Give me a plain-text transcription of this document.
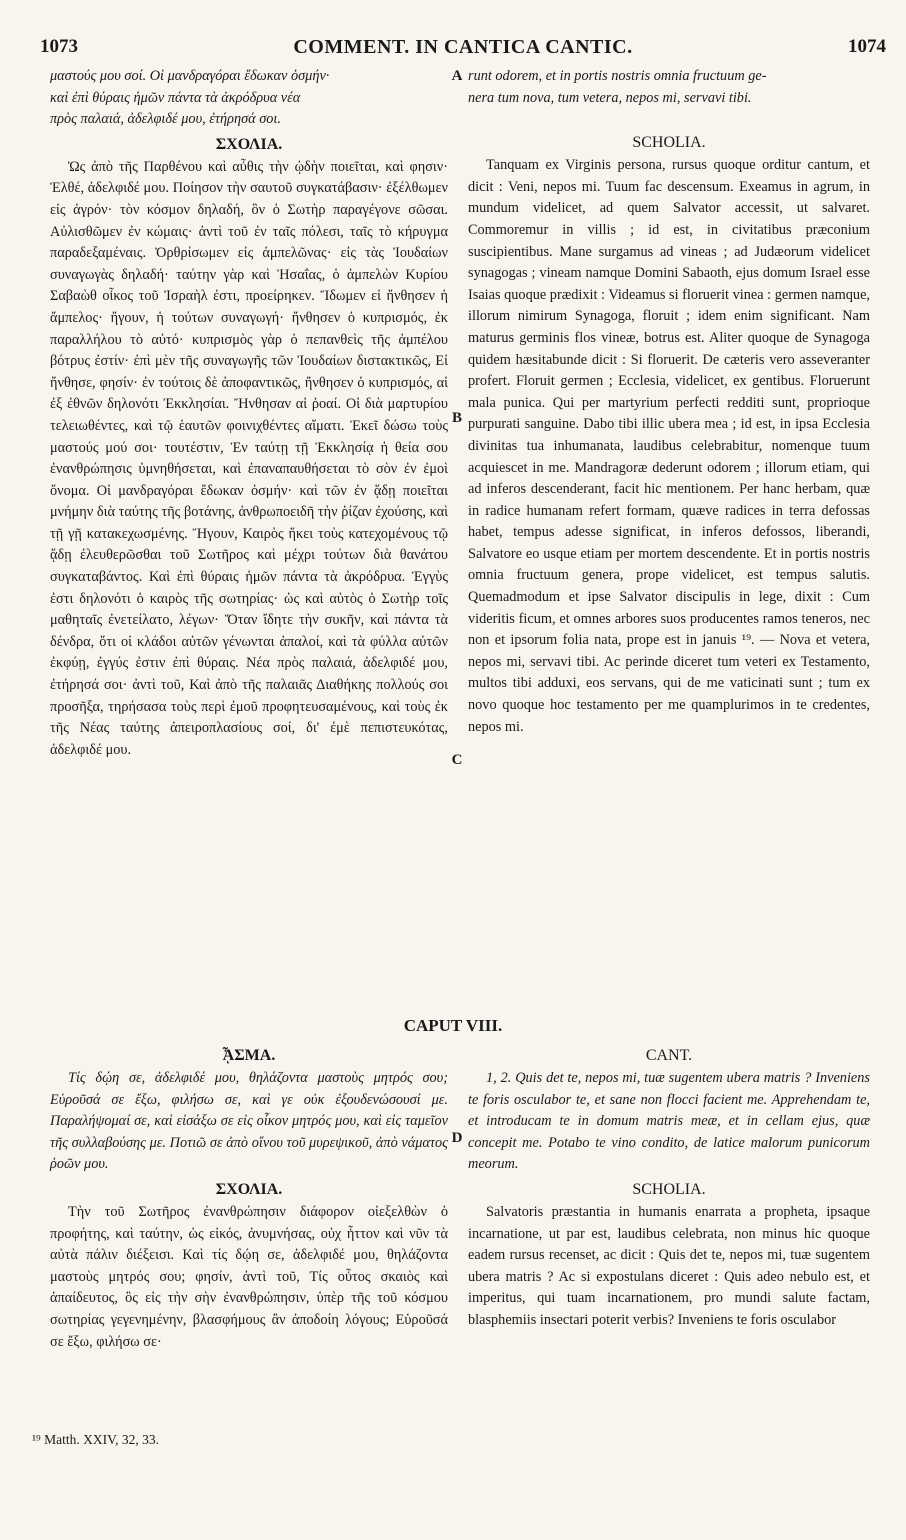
1073	COMMENT. IN CANTICA CANTIC.	1074

μαστούς μου σοί. Οἱ μανδραγόραι ἔδωκαν ὀσμήν·

καὶ ἐπὶ θύραις ἡμῶν πάντα τὰ ἀκρόδρυα νέα

πρὸς παλαιά, ἀδελφιδέ μου, ἐτήρησά σοι.

ΣΧΟΛΙΑ.

Ὡς ἀπὸ τῆς Παρθένου καὶ αὖθις τὴν ᾠδὴν ποιεῖται, καὶ φησιν· Ἐλθέ, ἀδελφιδέ μου. Ποίησον τὴν σαυτοῦ συγκατάβασιν· ἐξέλθωμεν εἰς ἀγρόν· τὸν κόσμον δηλαδή, ὃν ὁ Σωτὴρ παραγέγονε σῶσαι. Αὐλισθῶμεν ἐν κώμαις· ἀντὶ τοῦ ἐν ταῖς πόλεσι, ταῖς τὸ κήρυγμα παραδεξαμέναις. Ὀρθρίσωμεν εἰς ἀμπελῶνας· εἰς τὰς Ἰουδαίων συναγωγὰς δηλαδή· ταύτην γὰρ καὶ Ἡσαΐας, ὁ ἀμπελὼν Κυρίου Σαβαὼθ οἶκος τοῦ Ἰσραὴλ ἐστι, προείρηκεν. Ἴδωμεν εἰ ἤνθησεν ἡ ἄμπελος· ἤγουν, ἡ τούτων συναγωγή· ἤνθησεν ὁ κυπρισμός, ἐκ παραλλήλου τὸ αὐτό· κυπρισμὸς γὰρ ὁ πεπανθεὶς τῆς ἀμπέλου βότρυς ἐστίν· ἐπὶ μὲν τῆς συναγωγῆς τῶν Ἰουδαίων διστακτικῶς, Εἰ ἤνθησε, φησίν· ἐν τούτοις δὲ ἀποφαντικῶς, ἤνθησεν ὁ κυπρισμός, αἱ ἐξ ἐθνῶν δηλονότι Ἐκκλησίαι. Ἤνθησαν αἱ ῥοαί. Οἱ διὰ μαρτυρίου τελειωθέντες, καὶ τῷ ἑαυτῶν φοινιχθέντες αἵματι. Ἐκεῖ δώσω τοὺς μαστούς μού σοι· τουτέστιν, Ἐν ταύτῃ τῇ Ἐκκλησίᾳ ἡ θεία σου ἐνανθρώπησις ὑμνηθήσεται, καὶ ἐπαναπαυθήσεται τὸ σὸν ἐν ἐμοὶ ὄνομα. Οἱ μανδραγόραι ἔδωκαν ὀσμήν· καὶ τῶν ἐν ᾅδῃ ποιεῖται μνήμην διὰ ταύτης τῆς βοτάνης, ἀνθρωποειδῆ τὴν ῥίζαν ἐχούσης, καὶ τῇ γῇ κατακεχωσμένης. Ἤγουν, Καιρὸς ἥκει τοὺς κατεχομένους τῷ ᾅδῃ ἐλευθερῶσθαι τοῦ Σωτῆρος καὶ μέχρι τούτων διὰ θανάτου συγκαταβάντος. Καὶ ἐπὶ θύραις ἡμῶν πάντα τὰ ἀκρόδρυα. Ἐγγὺς ἐστι δηλονότι ὁ καιρὸς τῆς σωτηρίας· ὡς καὶ αὐτὸς ὁ Σωτὴρ τοῖς μαθηταῖς ἐνετείλατο, λέγων· Ὅταν ἴδητε τὴν συκῆν, καὶ πάντα τὰ δένδρα, ὅτι οἱ κλάδοι αὐτῶν γένωνται ἀπαλοί, καὶ τὰ φύλλα αὐτῶν ἐκφύῃ, ἐγγύς ἐστιν ἐπὶ θύραις. Νέα πρὸς παλαιά, ἀδελφιδέ μου, ἐτήρησά σοι· ἀντὶ τοῦ, Καὶ ἀπὸ τῆς παλαιᾶς Διαθήκης πολλούς σοι προσῆξα, τηρήσασα τοὺς περὶ ἐμοῦ προφητευσαμένους, καὶ τοὺς ἐκ τῆς Νέας ταύτης ἀπειροπλασίους σοί, δι' ἐμὲ πεπιστευκότας, ἀδελφιδέ μου.

runt odorem, et in portis nostris omnia fructuum ge-

nera tum nova, tum vetera, nepos mi, servavi tibi.

SCHOLIA.

Tanquam ex Virginis persona, rursus quoque orditur cantum, et dicit : Veni, nepos mi. Tuum fac descensum. Exeamus in agrum, in mundum videlicet, ad quem Salvator accessit, ut salvaret. Commoremur in villis ; id est, in civitatibus præconium suscipientibus. Mane surgamus ad vineas ; ad Judæorum videlicet synagogas ; vineam namque Domini Sabaoth, ejus domum Israel esse Isaias quoque prædixit : Videamus si floruerit vinea : germen namque, illorum nimirum Synagoga, floruit ; idem enim significant. Nam maturus germinis flos vineæ, botrus est. Aliter quoque de Synagoga quidem hæsitabunde dicit : Si floruerit. De cæteris vero asseveranter profert. Floruit germen ; Ecclesia, videlicet, ex gentibus. Floruerunt mala punica. Qui per martyrium perfecti redditi sunt, proprioque purpurati sanguine. Dabo tibi illic ubera mea ; id est, in ipsa Ecclesia divinitas tua inhumanata, laudibus celebrabitur, nomenque tuum acquiescet in me. Mandragoræ dederunt odorem ; illorum etiam, qui ad inferos descenderant, facit hic mentionem. Per hanc herbam, quæ in radice humanam refert formam, quæve radices in terra defossas habet, tempus adesse significat, in inferos defossos, liberandi, Salvatore eo usque etiam per mortem descendente. Et in portis nostris omnia fructuum genera, prope videlicet, est tempus salutis. Quemadmodum et ipse Salvator discipulis in lege, dixit : Cum videritis ficum, et omnes arbores suos producentes ramos teneros, nec non et ipsorum folia nata, prope est in januis ¹⁹. — Nova et vetera, nepos mi, servavi tibi. Ac perinde diceret tum veteri ex Testamento, multos tibi adduxi, eos servans, qui de me vaticinati sunt ; tum ex novo quoque hoc testamento per me quamplurimos in te credentes, nepos mi.

A
B
C
D
CAPUT VIII.
ᾎΣΜΑ.

Τίς δῴη σε, ἀδελφιδέ μου, θηλάζοντα μαστοὺς μητρός σου; Εὑροῦσά σε ἔξω, φιλήσω σε, καὶ γε οὐκ ἐξουδενώσουσί με. Παραλήψομαί σε, καὶ εἰσάξω σε εἰς οἶκον μητρός μου, καὶ εἰς ταμεῖον τῆς συλλαβούσης με. Ποτιῶ σε ἀπὸ οἴνου τοῦ μυρεψικοῦ, ἀπὸ νάματος ῥοῶν μου.

ΣΧΟΛΙΑ.

Τὴν τοῦ Σωτῆρος ἐνανθρώπησιν διάφορον οἰεξελθὼν ὁ προφήτης, καὶ ταύτην, ὡς εἰκός, ἀνυμνήσας, οὐχ ἧττον καὶ νῦν τὰ αὐτὰ πάλιν διέξεισι. Καὶ τίς δῴη σε, ἀδελφιδέ μου, θηλάζοντα μαστοὺς μητρός σου; φησίν, ἀντὶ τοῦ, Τίς οὗτος σκαιὸς καὶ ἀπαίδευτος, ὃς εἰς τὴν σὴν ἐνανθρώπησιν, ὑπὲρ τῆς τοῦ κόσμου σωτηρίας γεγενημένην, βλασφήμους ἂν ἀποδοίη λόγους; Εὑροῦσά σε ἔξω, φιλήσω σε·

CANT.

1, 2. Quis det te, nepos mi, tuæ sugentem ubera matris ? Inveniens te foris osculabor te, et sane non flocci facient me. Apprehendam te, et introducam te in domum matris meæ, et in cellam ejus, quæ concepit me. Potabo te vino condito, de latice malorum punicorum meorum.

SCHOLIA.

Salvatoris præstantia in humanis enarrata a propheta, ipsaque incarnatione, ut par est, laudibus celebrata, non minus hic quoque eadem rursus recenset, ac dicit : Quis det te, nepos mi, tuæ sugentem ubera matris ? Ac si expostulans diceret : Quis adeo nebulo est, et imperitus, qui tuam incarnationem, pro mundi salute factam, blasphemiis insectari poterit verbis? Inveniens te foris osculabor

¹⁹ Matth. XXIV, 32, 33.
